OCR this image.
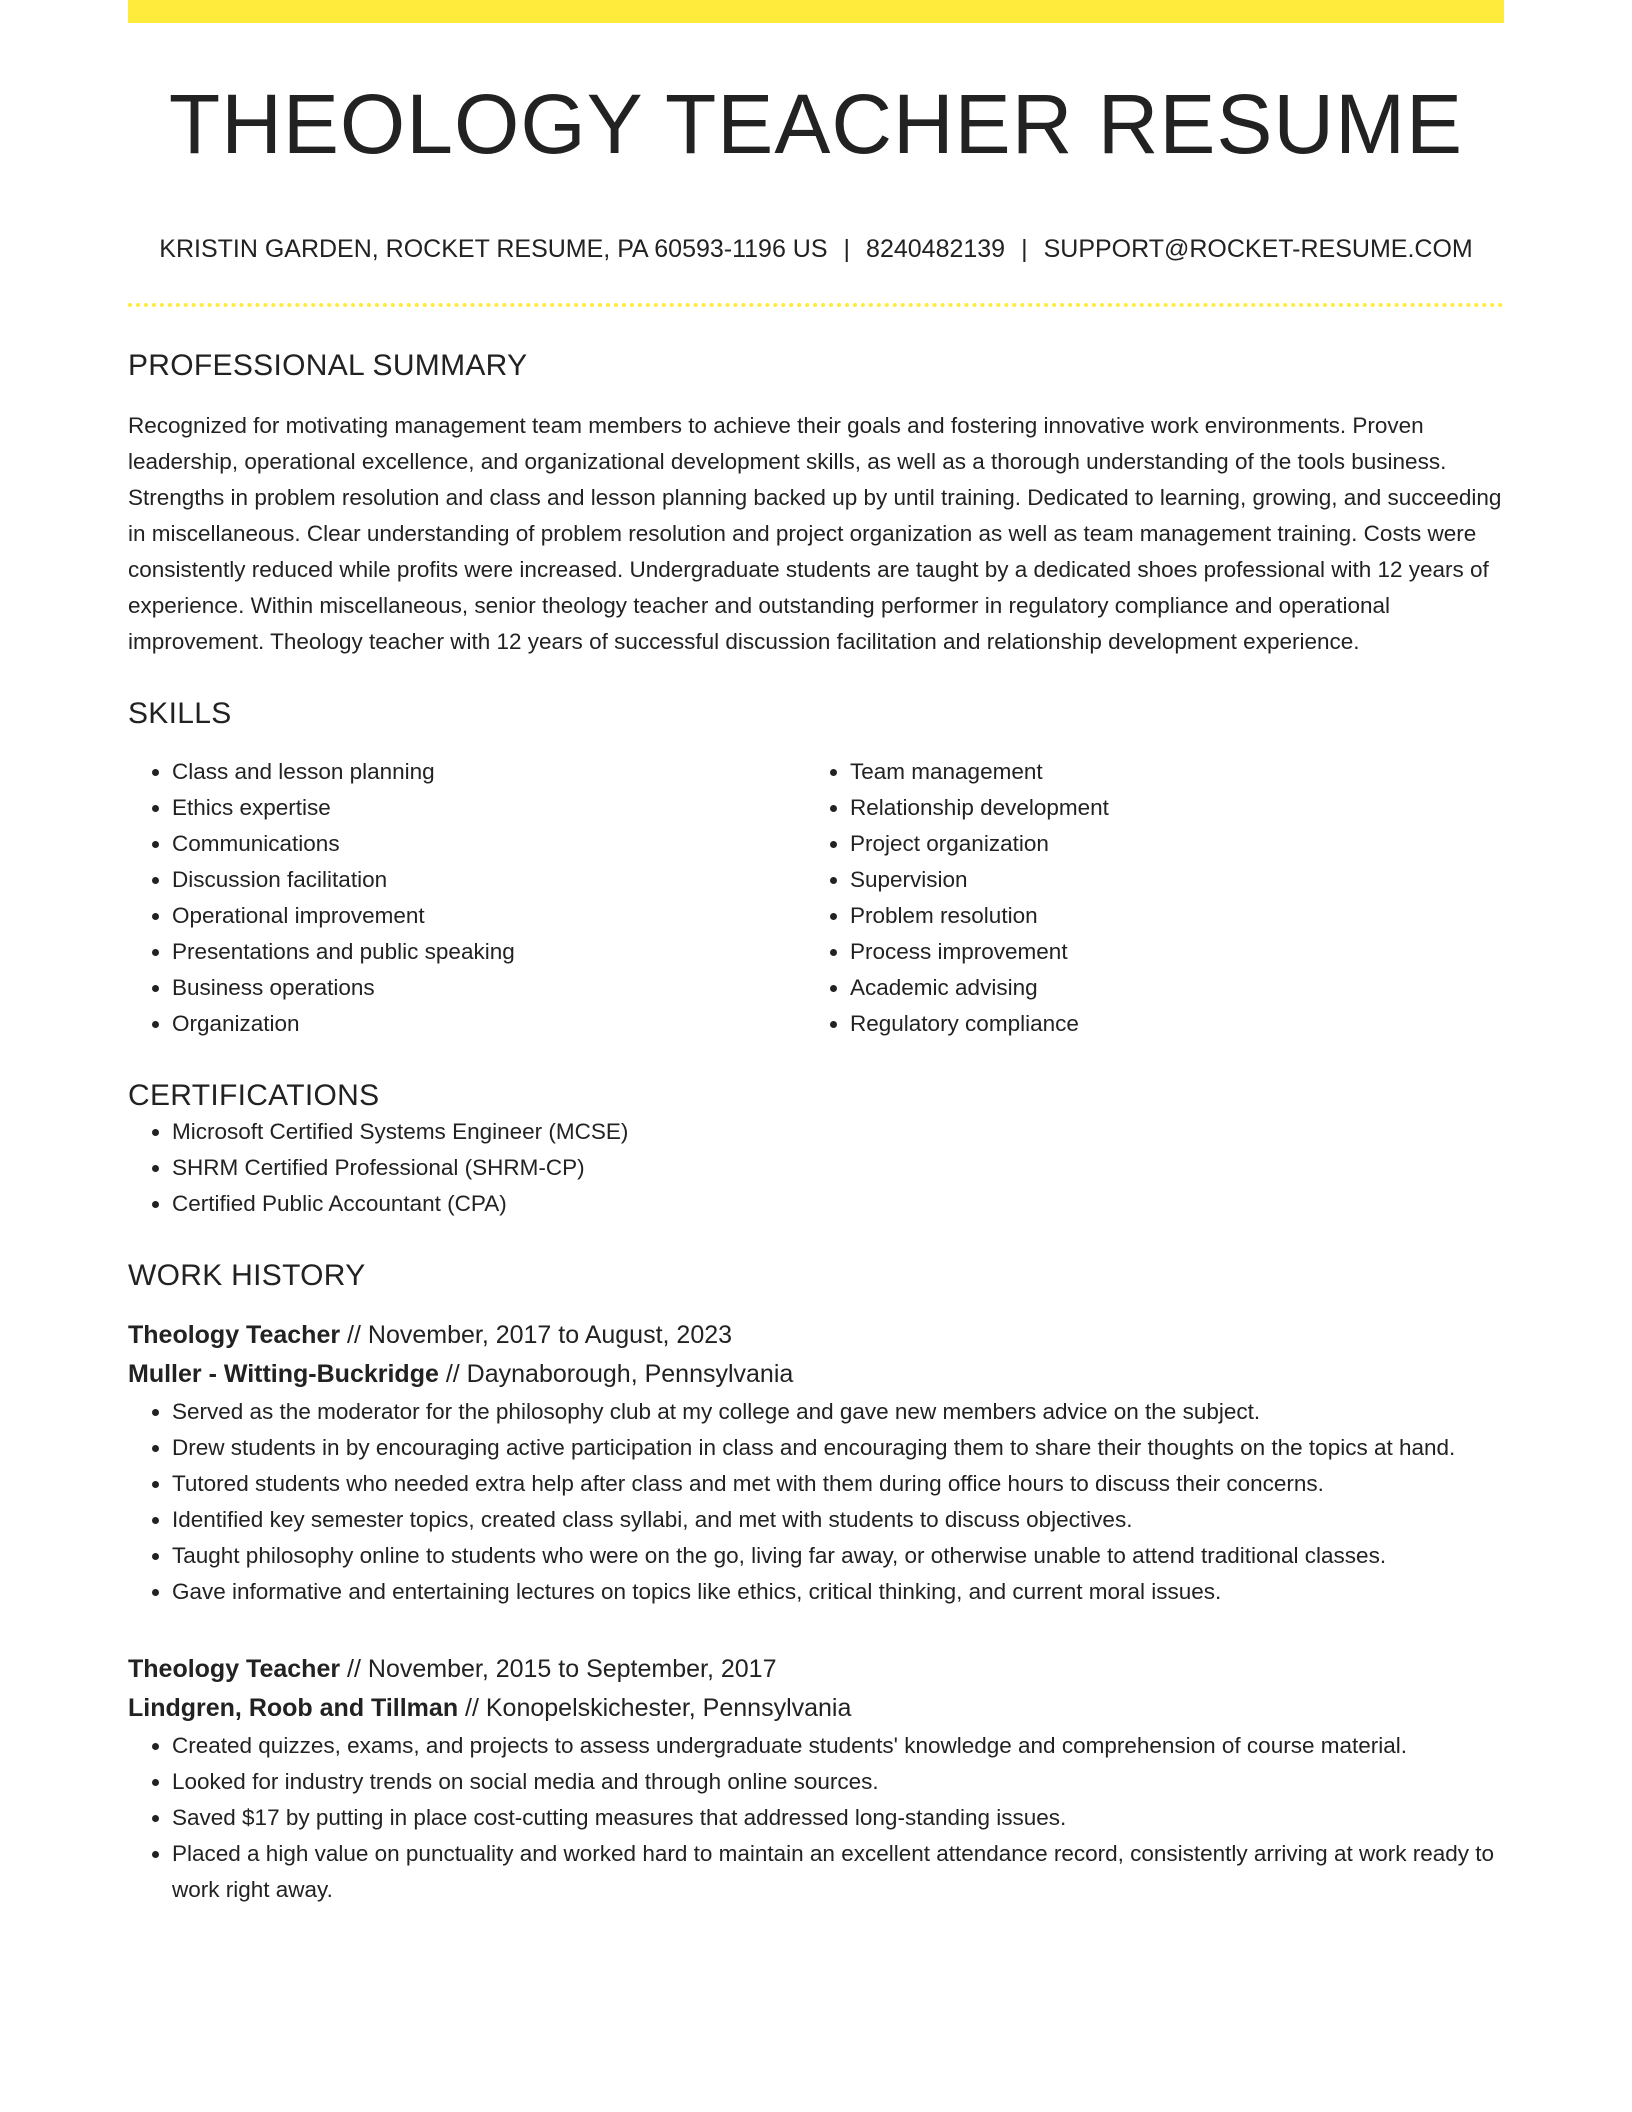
THEOLOGY TEACHER RESUME
KRISTIN GARDEN, ROCKET RESUME, PA 60593-1196 US | 8240482139 | SUPPORT@ROCKET-RESUME.COM
PROFESSIONAL SUMMARY

Recognized for motivating management team members to achieve their goals and fostering innovative work environments. Proven leadership, operational excellence, and organizational development skills, as well as a thorough understanding of the tools business. Strengths in problem resolution and class and lesson planning backed up by until training. Dedicated to learning, growing, and succeeding in miscellaneous. Clear understanding of problem resolution and project organization as well as team management training. Costs were consistently reduced while profits were increased. Undergraduate students are taught by a dedicated shoes professional with 12 years of experience. Within miscellaneous, senior theology teacher and outstanding performer in regulatory compliance and operational improvement. Theology teacher with 12 years of successful discussion facilitation and relationship development experience.

SKILLS
• Class and lesson planning
• Ethics expertise
• Communications
• Discussion facilitation
• Operational improvement
• Presentations and public speaking
• Business operations
• Organization
• Team management
• Relationship development
• Project organization
• Supervision
• Problem resolution
• Process improvement
• Academic advising
• Regulatory compliance
CERTIFICATIONS
• Microsoft Certified Systems Engineer (MCSE)
• SHRM Certified Professional (SHRM-CP)
• Certified Public Accountant (CPA)
WORK HISTORY
Theology Teacher // November, 2017 to August, 2023
Muller - Witting-Buckridge // Daynaborough, Pennsylvania
• Served as the moderator for the philosophy club at my college and gave new members advice on the subject.
• Drew students in by encouraging active participation in class and encouraging them to share their thoughts on the topics at hand.
• Tutored students who needed extra help after class and met with them during office hours to discuss their concerns.
• Identified key semester topics, created class syllabi, and met with students to discuss objectives.
• Taught philosophy online to students who were on the go, living far away, or otherwise unable to attend traditional classes.
• Gave informative and entertaining lectures on topics like ethics, critical thinking, and current moral issues.
Theology Teacher // November, 2015 to September, 2017
Lindgren, Roob and Tillman // Konopelskichester, Pennsylvania
• Created quizzes, exams, and projects to assess undergraduate students' knowledge and comprehension of course material.
• Looked for industry trends on social media and through online sources.
• Saved $17 by putting in place cost-cutting measures that addressed long-standing issues.
• Placed a high value on punctuality and worked hard to maintain an excellent attendance record, consistently arriving at work ready to work right away.
